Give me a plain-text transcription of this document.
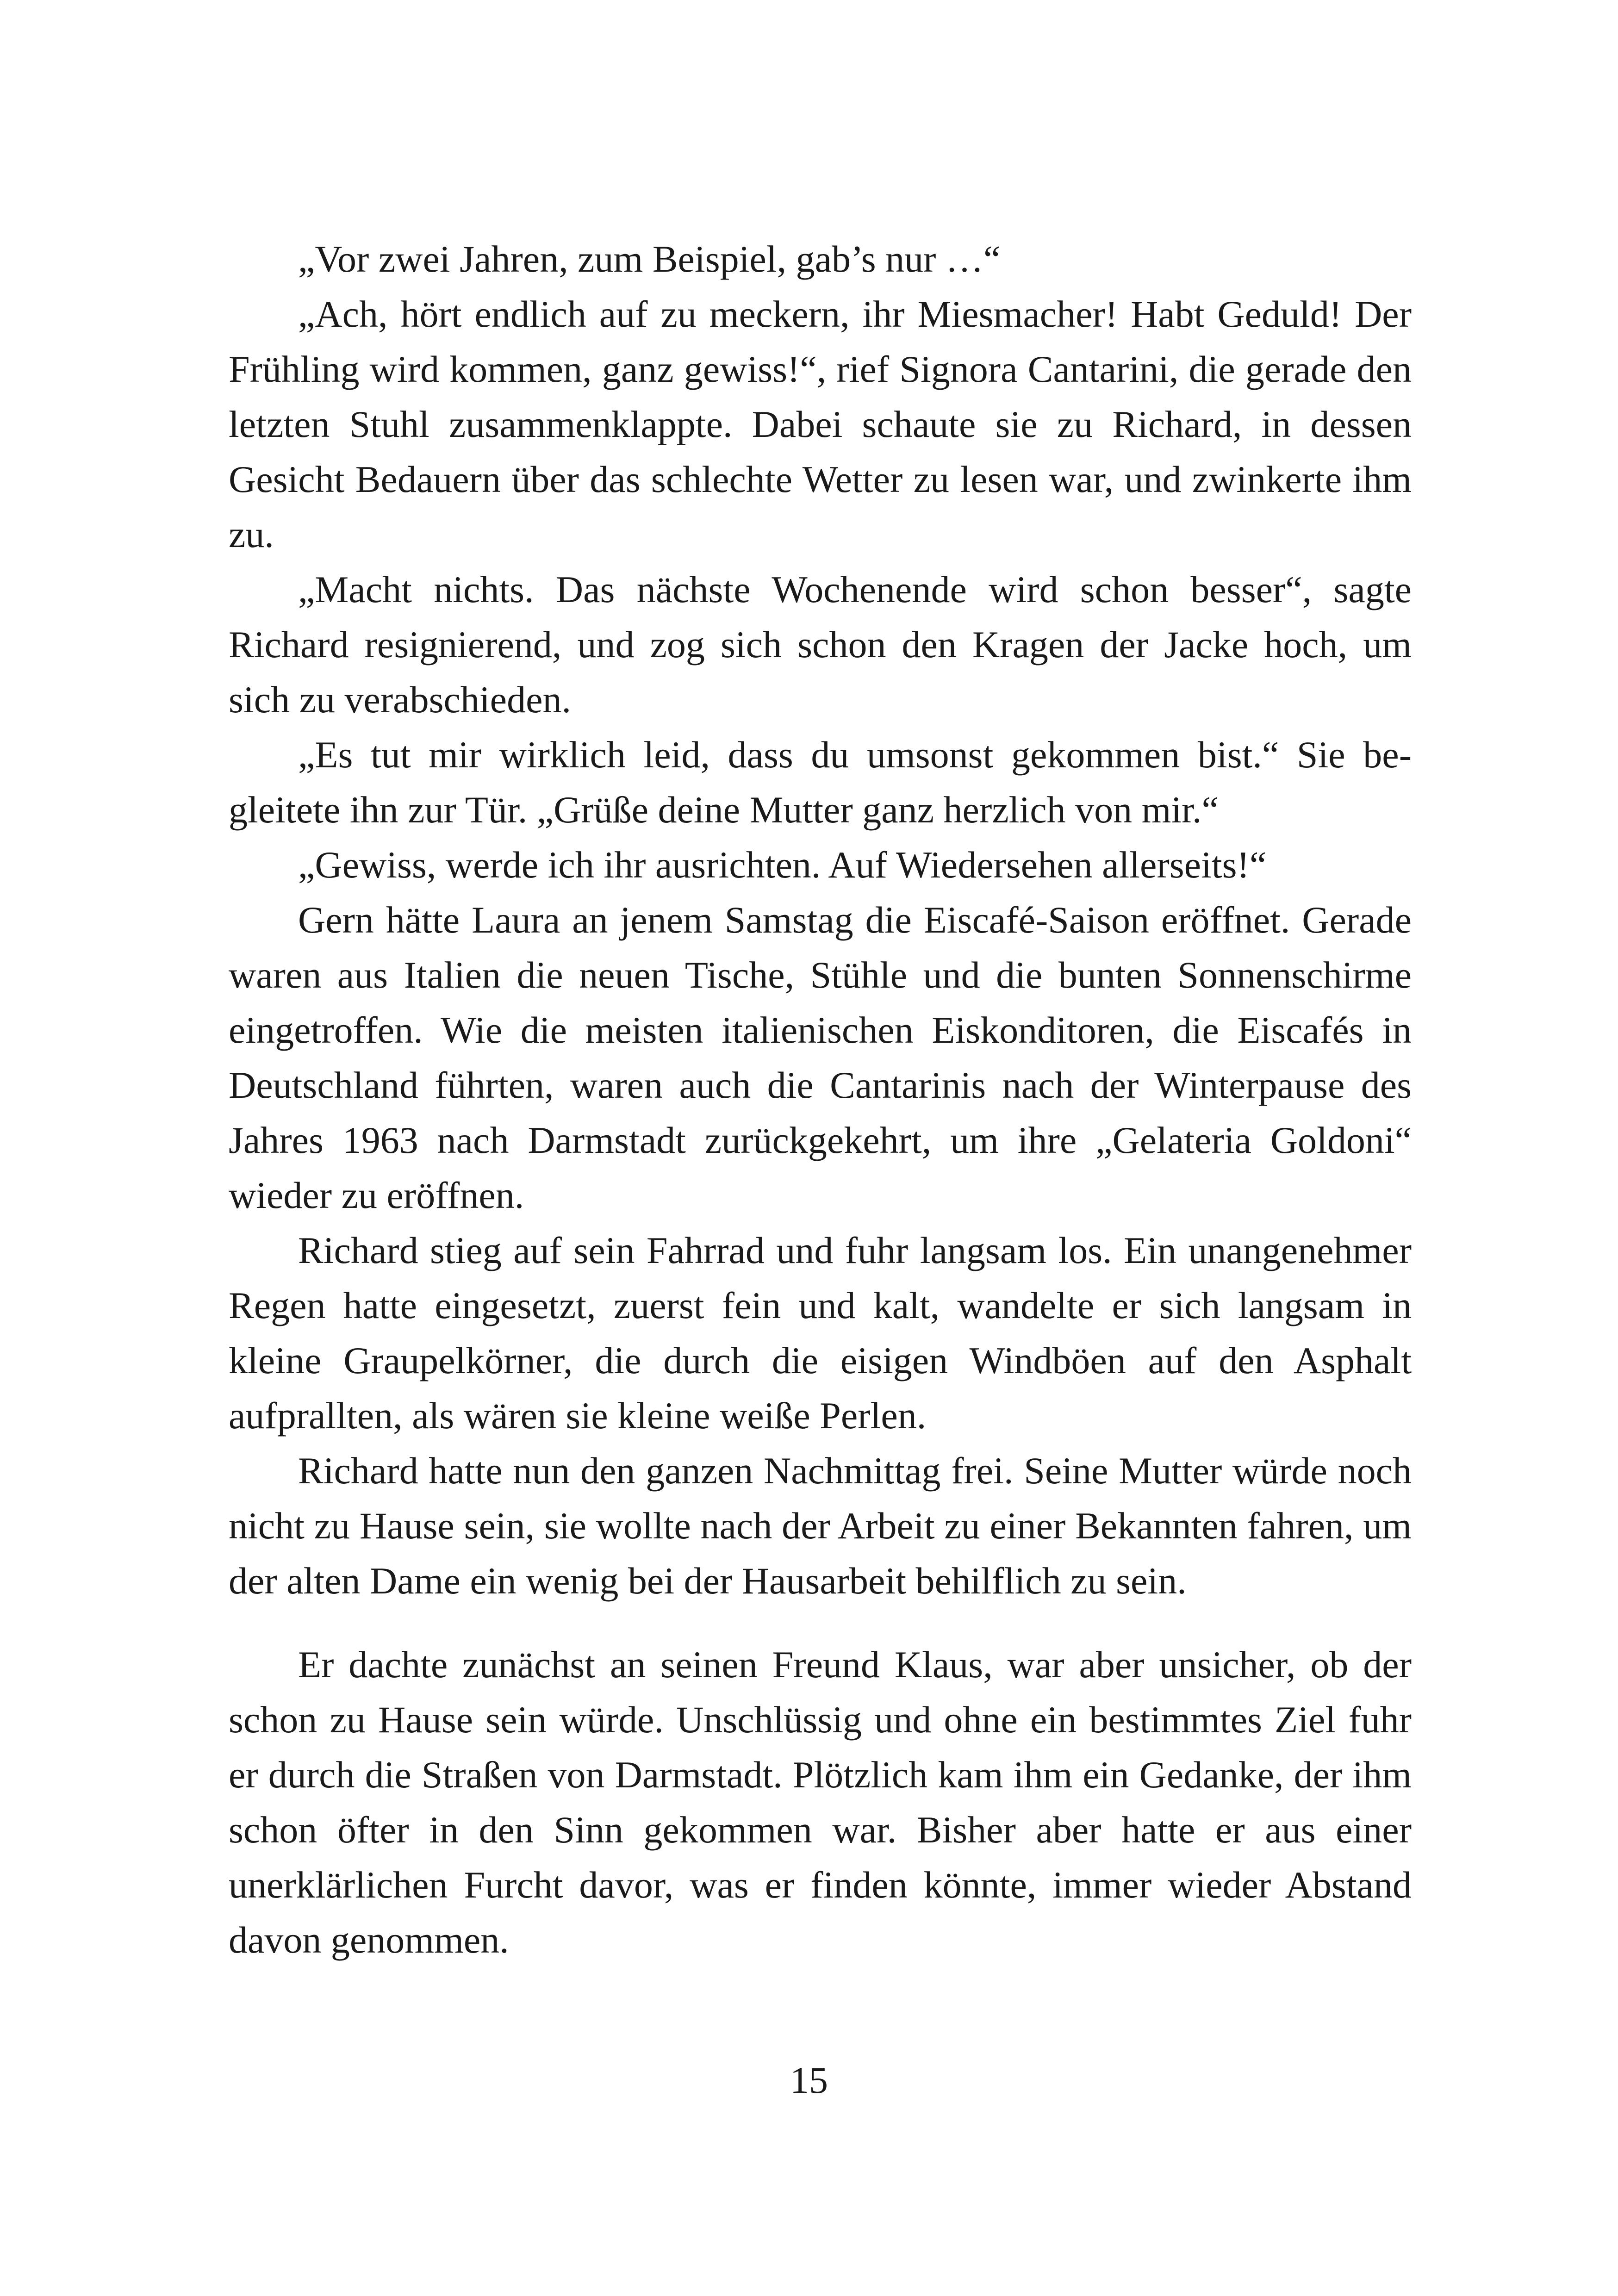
„Vor zwei Jahren, zum Beispiel, gab’s nur …“

„Ach, hört endlich auf zu meckern, ihr Miesmacher! Habt Geduld! Der Frühling wird kommen, ganz gewiss!“, rief Signora Cantarini, die gerade den letzten Stuhl zusammenklappte. Dabei schaute sie zu Richard, in dessen Gesicht Bedauern über das schlechte Wetter zu lesen war, und zwinkerte ihm zu.

„Macht nichts. Das nächste Wochenende wird schon besser“, sagte Richard resignierend, und zog sich schon den Kragen der Jacke hoch, um sich zu verabschieden.

„Es tut mir wirklich leid, dass du umsonst gekommen bist.“ Sie begleitete ihn zur Tür. „Grüße deine Mutter ganz herzlich von mir.“

„Gewiss, werde ich ihr ausrichten. Auf Wiedersehen allerseits!“

Gern hätte Laura an jenem Samstag die Eiscafé-Saison eröffnet. Gerade waren aus Italien die neuen Tische, Stühle und die bunten Sonnenschirme eingetroffen. Wie die meisten italienischen Eiskonditoren, die Eiscafés in Deutschland führten, waren auch die Cantarinis nach der Winterpause des Jahres 1963 nach Darmstadt zurückgekehrt, um ihre „Gelateria Goldoni“ wieder zu eröffnen.

Richard stieg auf sein Fahrrad und fuhr langsam los. Ein unangenehmer Regen hatte eingesetzt, zuerst fein und kalt, wandelte er sich langsam in kleine Graupelkörner, die durch die eisigen Windböen auf den Asphalt aufprallten, als wären sie kleine weiße Perlen.

Richard hatte nun den ganzen Nachmittag frei. Seine Mutter würde noch nicht zu Hause sein, sie wollte nach der Arbeit zu einer Bekannten fahren, um der alten Dame ein wenig bei der Hausarbeit behilflich zu sein.

Er dachte zunächst an seinen Freund Klaus, war aber unsicher, ob der schon zu Hause sein würde. Unschlüssig und ohne ein bestimmtes Ziel fuhr er durch die Straßen von Darmstadt. Plötzlich kam ihm ein Gedanke, der ihm schon öfter in den Sinn gekommen war. Bisher aber hatte er aus einer unerklärlichen Furcht davor, was er finden könnte, immer wieder Abstand davon genommen.

15
